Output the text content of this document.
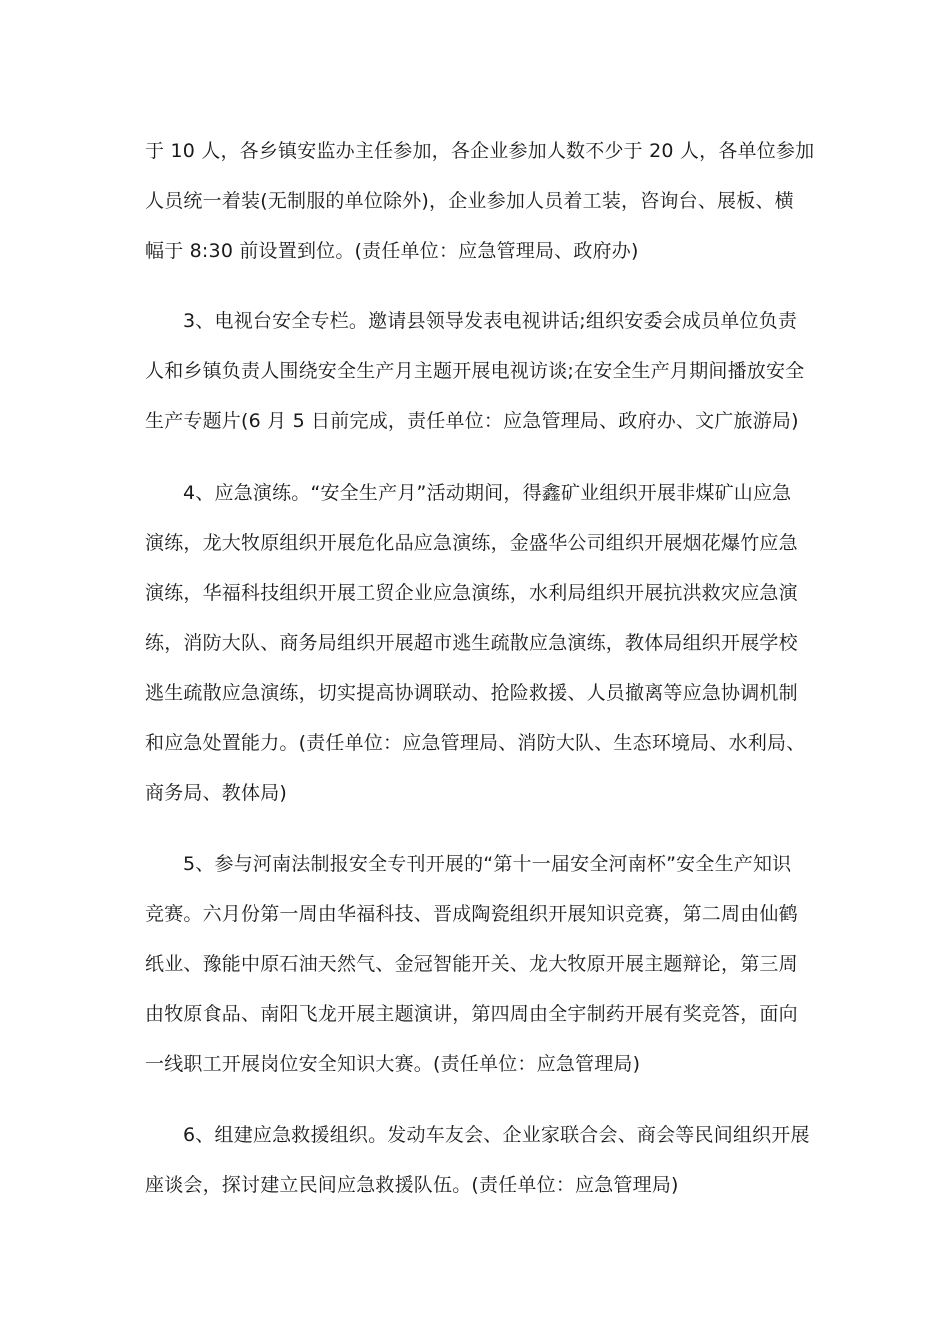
于 10 人，各乡镇安监办主任参加，各企业参加人数不少于 20 人，各单位参加
人员统一着装(无制服的单位除外)，企业参加人员着工装，咨询台、展板、横
幅于 8:30 前设置到位。(责任单位：应急管理局、政府办)
3、电视台安全专栏。邀请县领导发表电视讲话;组织安委会成员单位负责
人和乡镇负责人围绕安全生产月主题开展电视访谈;在安全生产月期间播放安全
生产专题片(6 月 5 日前完成，责任单位：应急管理局、政府办、文广旅游局)
4、应急演练。“安全生产月”活动期间，得鑫矿业组织开展非煤矿山应急
演练，龙大牧原组织开展危化品应急演练，金盛华公司组织开展烟花爆竹应急
演练，华福科技组织开展工贸企业应急演练，水利局组织开展抗洪救灾应急演
练，消防大队、商务局组织开展超市逃生疏散应急演练，教体局组织开展学校
逃生疏散应急演练，切实提高协调联动、抢险救援、人员撤离等应急协调机制
和应急处置能力。(责任单位：应急管理局、消防大队、生态环境局、水利局、
商务局、教体局)
5、参与河南法制报安全专刊开展的“第十一届安全河南杯”安全生产知识
竞赛。六月份第一周由华福科技、晋成陶瓷组织开展知识竞赛，第二周由仙鹤
纸业、豫能中原石油天然气、金冠智能开关、龙大牧原开展主题辩论，第三周
由牧原食品、南阳飞龙开展主题演讲，第四周由全宇制药开展有奖竞答，面向
一线职工开展岗位安全知识大赛。(责任单位：应急管理局)
6、组建应急救援组织。发动车友会、企业家联合会、商会等民间组织开展
座谈会，探讨建立民间应急救援队伍。(责任单位：应急管理局)
